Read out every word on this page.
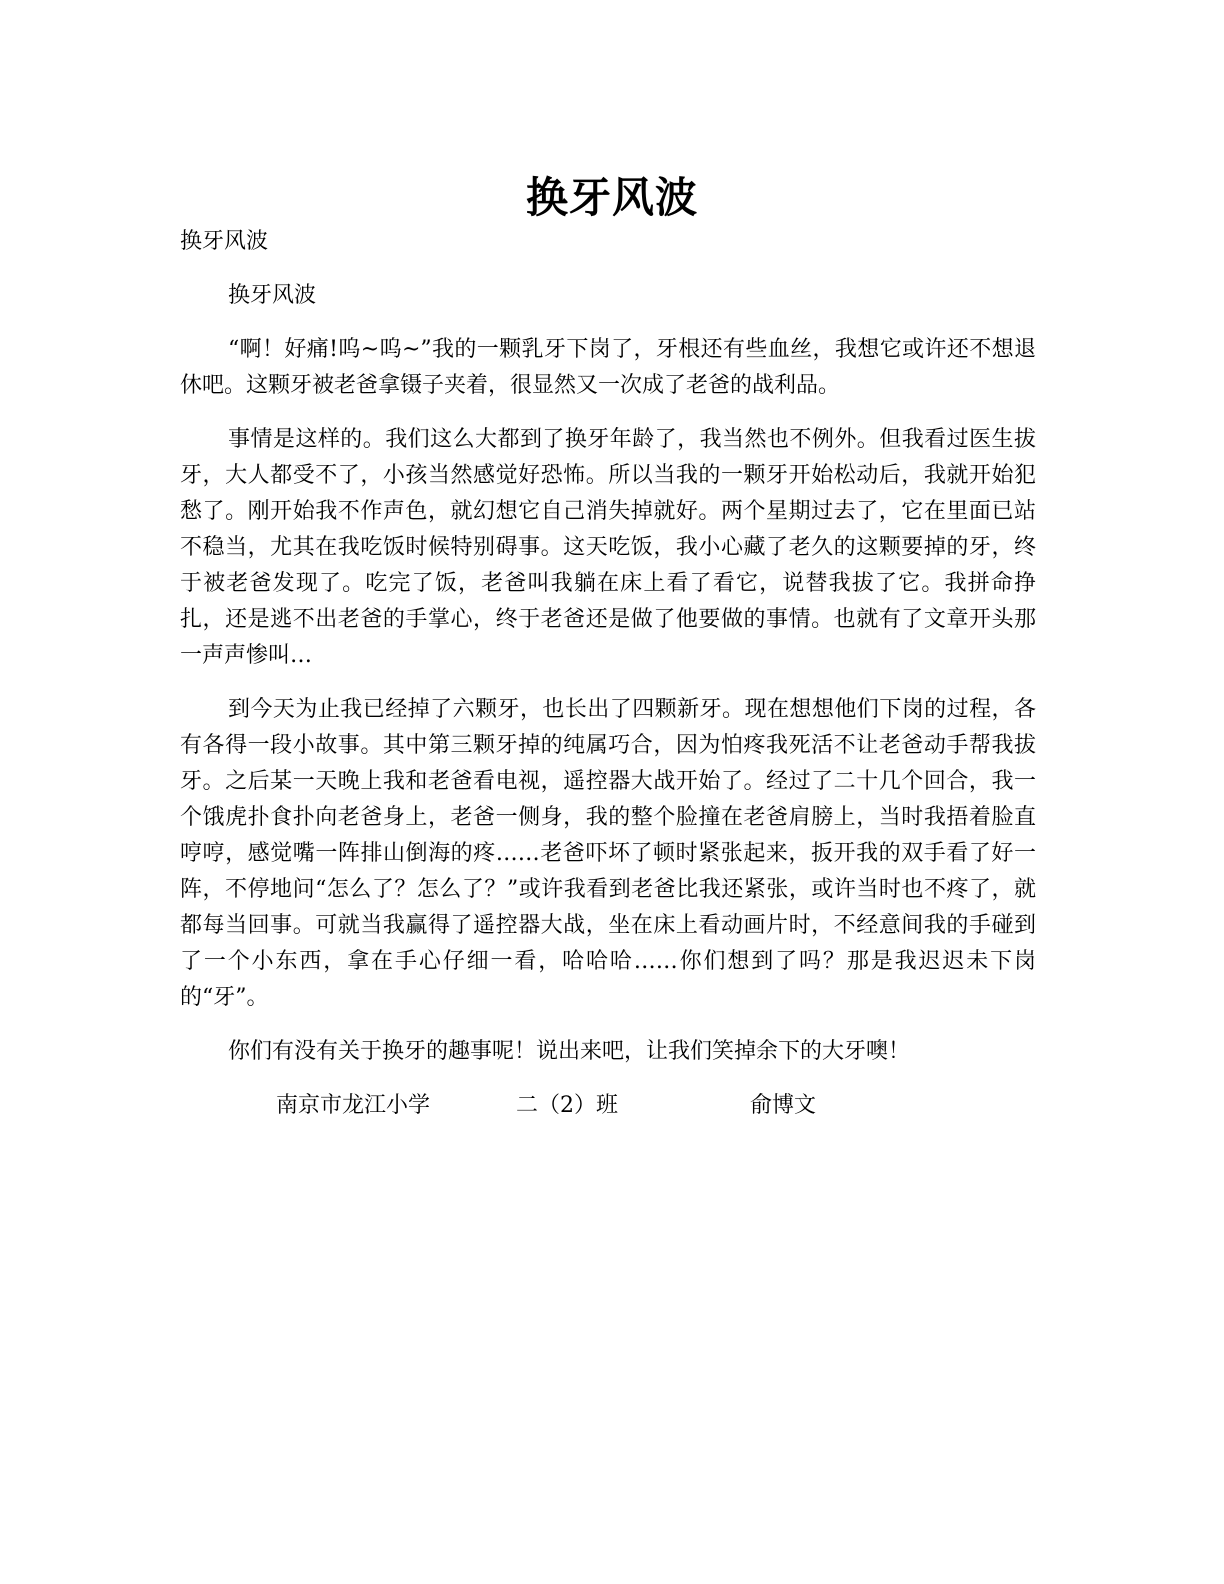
换牙风波

换牙风波

换牙风波

“啊！好痛!呜~呜~”我的一颗乳牙下岗了，牙根还有些血丝，我想它或许还不想退休吧。这颗牙被老爸拿镊子夹着，很显然又一次成了老爸的战利品。

事情是这样的。我们这么大都到了换牙年龄了，我当然也不例外。但我看过医生拔牙，大人都受不了，小孩当然感觉好恐怖。所以当我的一颗牙开始松动后，我就开始犯愁了。刚开始我不作声色，就幻想它自己消失掉就好。两个星期过去了，它在里面已站不稳当，尤其在我吃饭时候特别碍事。这天吃饭，我小心藏了老久的这颗要掉的牙，终于被老爸发现了。吃完了饭，老爸叫我躺在床上看了看它，说替我拔了它。我拼命挣扎，还是逃不出老爸的手掌心，终于老爸还是做了他要做的事情。也就有了文章开头那一声声惨叫…

到今天为止我已经掉了六颗牙，也长出了四颗新牙。现在想想他们下岗的过程，各有各得一段小故事。其中第三颗牙掉的纯属巧合，因为怕疼我死活不让老爸动手帮我拔牙。之后某一天晚上我和老爸看电视，遥控器大战开始了。经过了二十几个回合，我一个饿虎扑食扑向老爸身上，老爸一侧身，我的整个脸撞在老爸肩膀上，当时我捂着脸直哼哼，感觉嘴一阵排山倒海的疼……老爸吓坏了顿时紧张起来，扳开我的双手看了好一阵，不停地问“怎么了？怎么了？”或许我看到老爸比我还紧张，或许当时也不疼了，就都每当回事。可就当我赢得了遥控器大战，坐在床上看动画片时，不经意间我的手碰到了一个小东西，拿在手心仔细一看，哈哈哈……你们想到了吗？那是我迟迟未下岗的“牙”。

你们有没有关于换牙的趣事呢！说出来吧，让我们笑掉余下的大牙噢！

南京市龙江小学	二（2）班	俞博文
